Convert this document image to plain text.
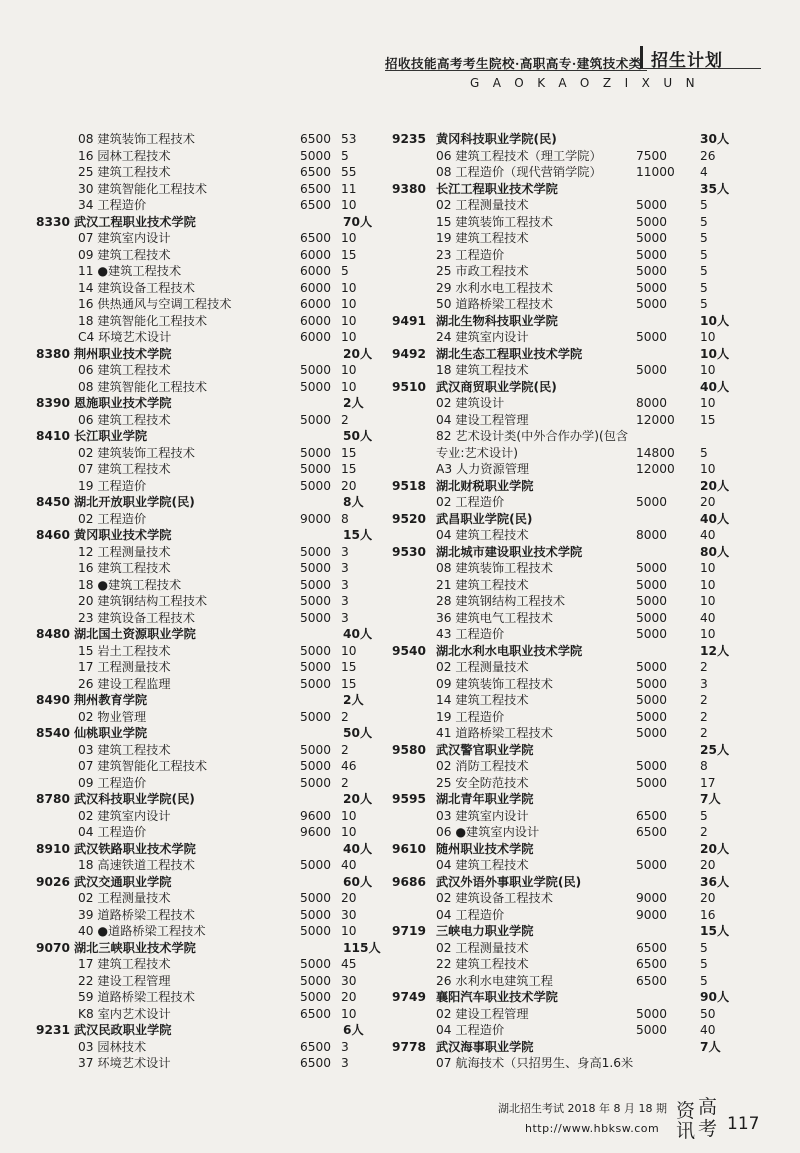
招收技能高考考生院校·高职高专·建筑技术类 招生计划
GAOKAOZIXUN
08 建筑装饰工程技术	6500 53
16 园林工程技术	5000 5
25 建筑工程技术	6500 55
30 建筑智能化工程技术	6500 11
34 工程造价	6500 10
8330 武汉工程职业技术学院	70人
07 建筑室内设计	6500 10
09 建筑工程技术	6000 15
11 ●建筑工程技术	6000 5
14 建筑设备工程技术	6000 10
16 供热通风与空调工程技术	6000 10
18 建筑智能化工程技术	6000 10
C4 环境艺术设计	6000 10
8380 荆州职业技术学院	20人
06 建筑工程技术	5000 10
08 建筑智能化工程技术	5000 10
8390 恩施职业技术学院	2人
06 建筑工程技术	5000 2
8410 长江职业学院	50人
02 建筑装饰工程技术	5000 15
07 建筑工程技术	5000 15
19 工程造价	5000 20
8450 湖北开放职业学院(民)	8人
02 工程造价	9000 8
8460 黄冈职业技术学院	15人
12 工程测量技术	5000 3
16 建筑工程技术	5000 3
18 ●建筑工程技术	5000 3
20 建筑钢结构工程技术	5000 3
23 建筑设备工程技术	5000 3
8480 湖北国土资源职业学院	40人
15 岩土工程技术	5000 10
17 工程测量技术	5000 15
26 建设工程监理	5000 15
8490 荆州教育学院	2人
02 物业管理	5000 2
8540 仙桃职业学院	50人
03 建筑工程技术	5000 2
07 建筑智能化工程技术	5000 46
09 工程造价	5000 2
8780 武汉科技职业学院(民)	20人
02 建筑室内设计	9600 10
04 工程造价	9600 10
8910 武汉铁路职业技术学院	40人
18 高速铁道工程技术	5000 40
9026 武汉交通职业学院	60人
02 工程测量技术	5000 20
39 道路桥梁工程技术	5000 30
40 ●道路桥梁工程技术	5000 10
9070 湖北三峡职业技术学院	115人
17 建筑工程技术	5000 45
22 建设工程管理	5000 30
59 道路桥梁工程技术	5000 20
K8 室内艺术设计	6500 10
9231 武汉民政职业学院	6人
03 园林技术	6500 3
37 环境艺术设计	6500 3
9235 黄冈科技职业学院(民)	30人
06 建筑工程技术（理工学院）	7500	26
08 工程造价（现代营销学院）	11000 4
9380 长江工程职业技术学院	35人
02 工程测量技术	5000	5
15 建筑装饰工程技术	5000	5
19 建筑工程技术	5000	5
23 工程造价	5000	5
25 市政工程技术	5000	5
29 水利水电工程技术	5000	5
50 道路桥梁工程技术	5000	5
9491 湖北生物科技职业学院	10人
24 建筑室内设计	5000	10
9492 湖北生态工程职业技术学院	10人
18 建筑工程技术	5000	10
9510 武汉商贸职业学院(民)	40人
02 建筑设计	8000	10
04 建设工程管理	12000 15
82 艺术设计类(中外合作办学)(包含
专业:艺术设计)	14800 5
A3 人力资源管理	12000 10
9518 湖北财税职业学院	20人
02 工程造价	5000	20
9520 武昌职业学院(民)	40人
04 建筑工程技术	8000	40
9530 湖北城市建设职业技术学院	80人
08 建筑装饰工程技术	5000	10
21 建筑工程技术	5000	10
28 建筑钢结构工程技术	5000	10
36 建筑电气工程技术	5000	40
43 工程造价	5000	10
9540 湖北水利水电职业技术学院	12人
02 工程测量技术	5000	2
09 建筑装饰工程技术	5000	3
14 建筑工程技术	5000	2
19 工程造价	5000	2
41 道路桥梁工程技术	5000	2
9580 武汉警官职业学院	25人
02 消防工程技术	5000	8
25 安全防范技术	5000	17
9595 湖北青年职业学院	7人
03 建筑室内设计	6500	5
06 ●建筑室内设计	6500	2
9610 随州职业技术学院	20人
04 建筑工程技术	5000	20
9686 武汉外语外事职业学院(民)	36人
02 建筑设备工程技术	9000	20
04 工程造价	9000	16
9719 三峡电力职业学院	15人
02 工程测量技术	6500	5
22 建筑工程技术	6500	5
26 水利水电建筑工程	6500	5
9749 襄阳汽车职业技术学院	90人
02 建设工程管理	5000	50
04 工程造价	5000	40
9778 武汉海事职业学院	7人
07 航海技术（只招男生、身高1.6米
湖北招生考试 2018 年 8 月 18 期
http://www.hbksw.com
资 高
讯 考 117
